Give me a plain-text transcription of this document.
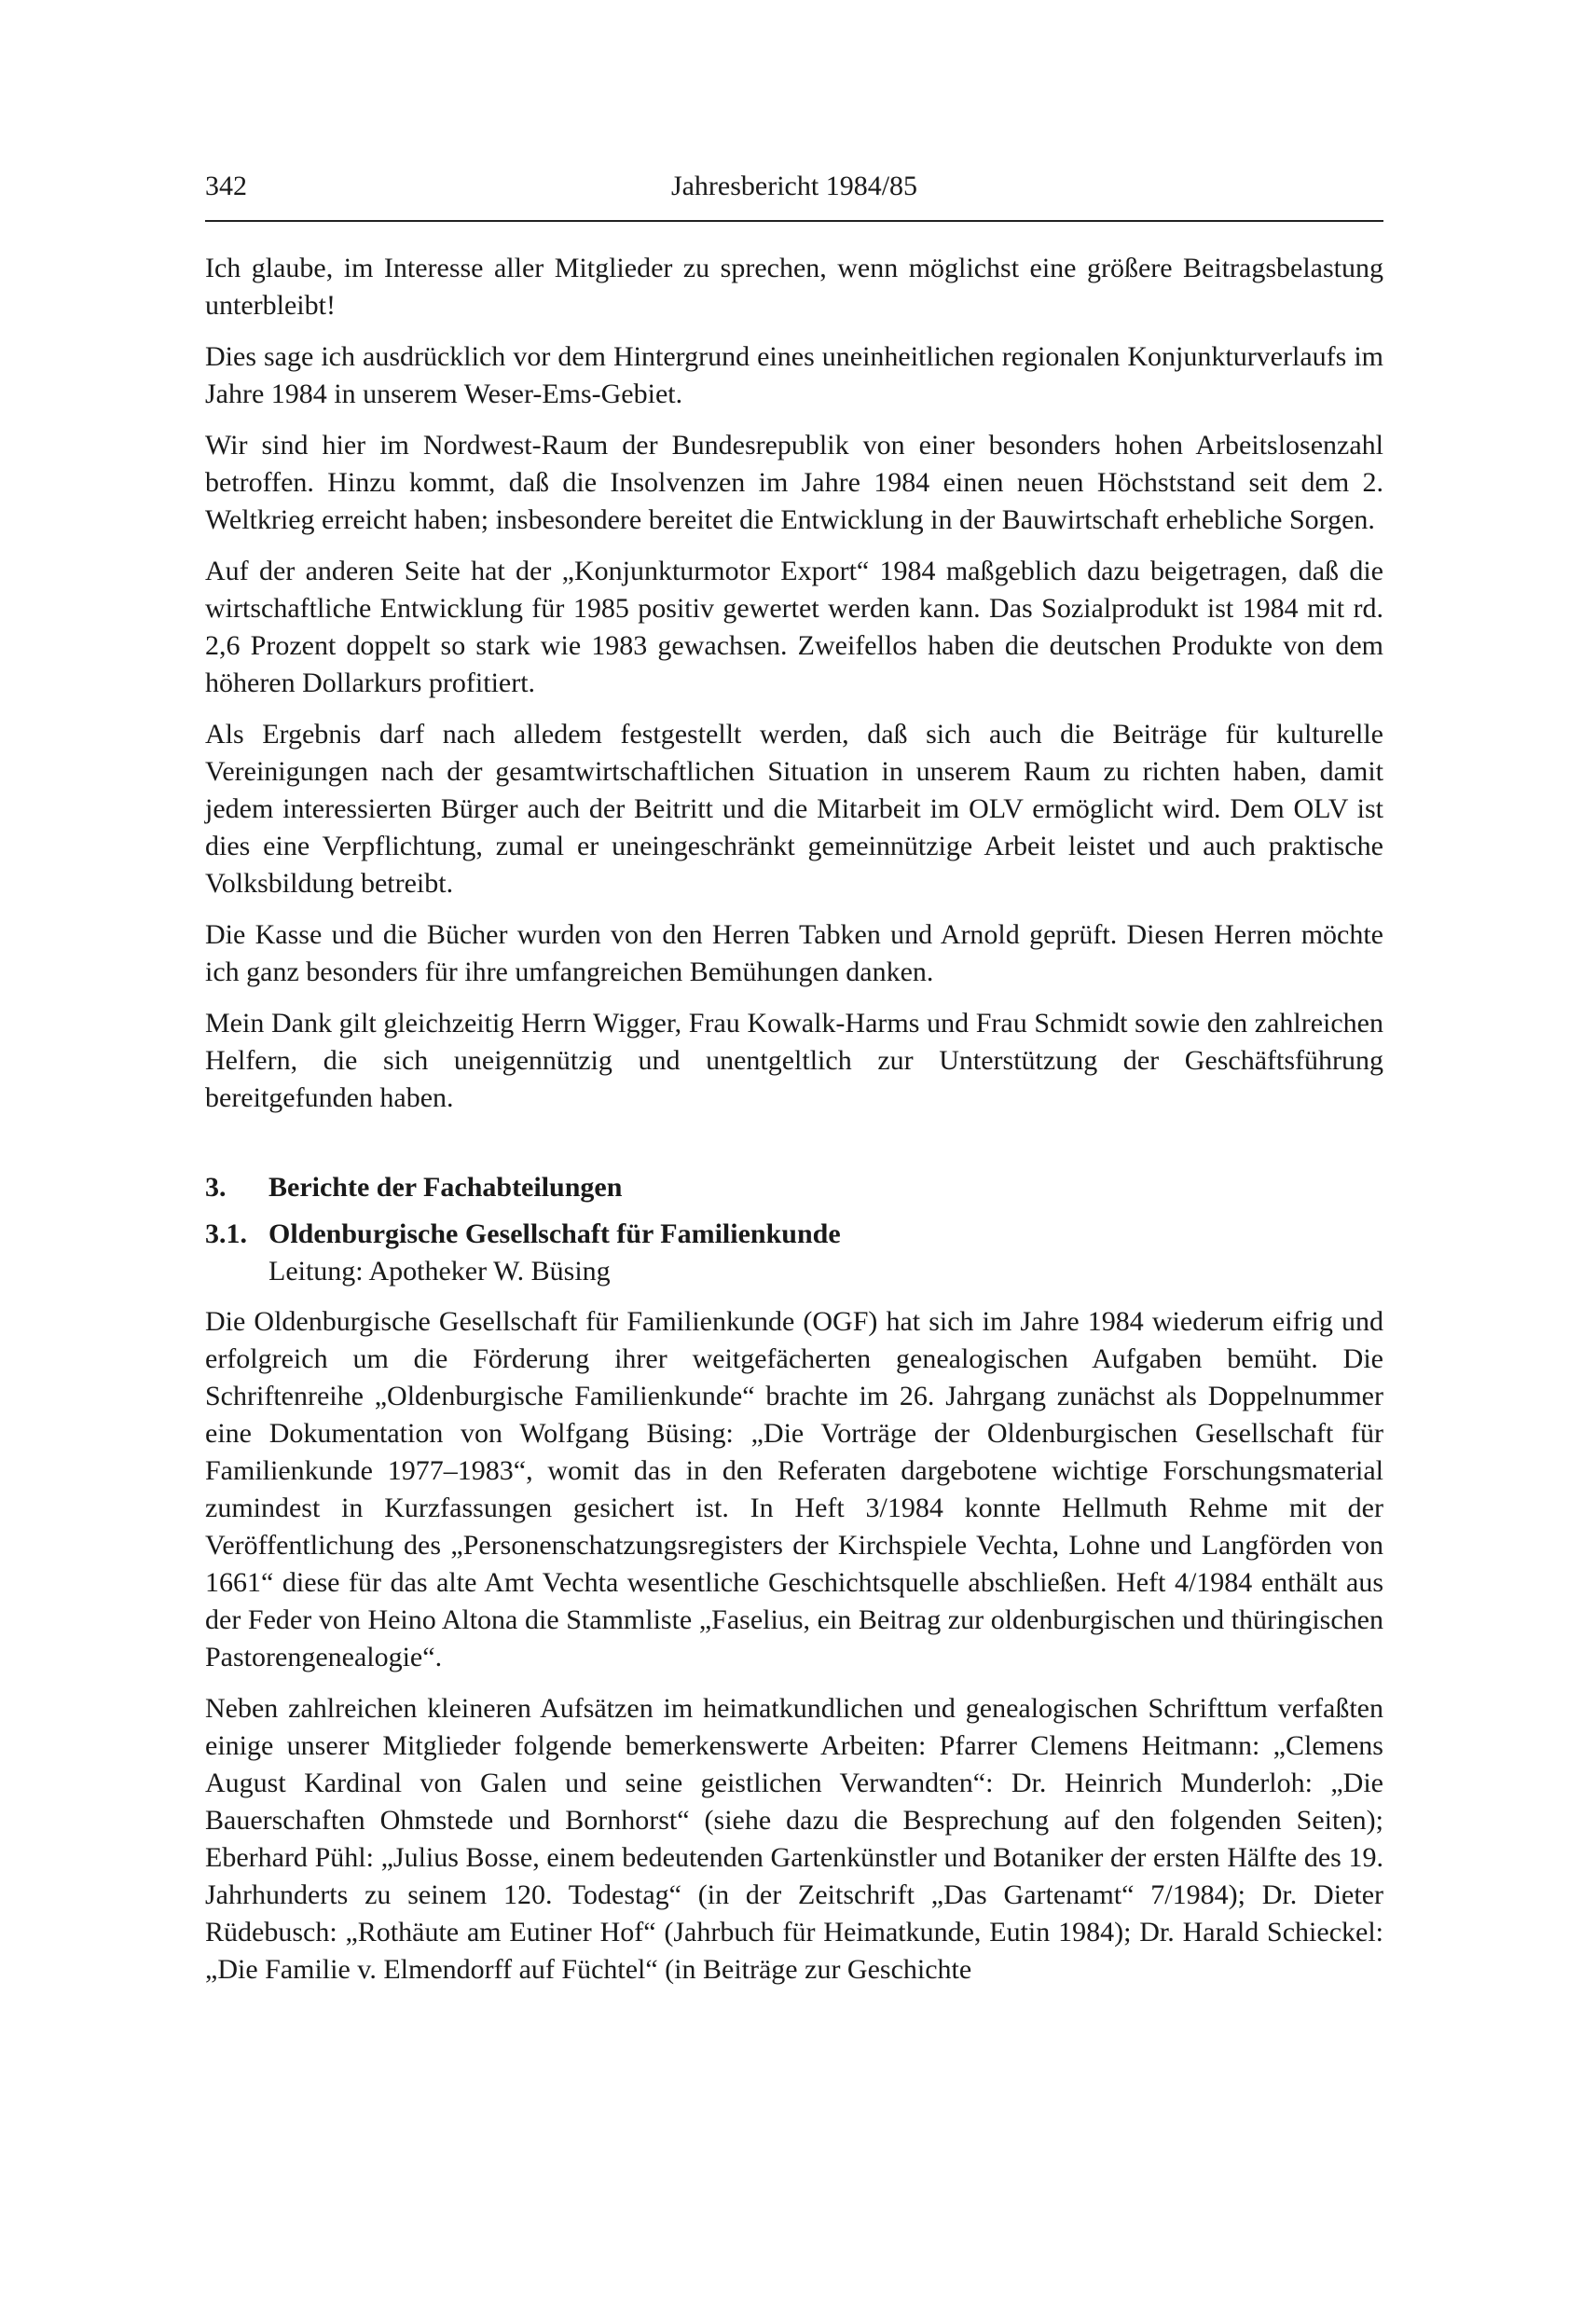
342	Jahresbericht 1984/85

Ich glaube, im Interesse aller Mitglieder zu sprechen, wenn möglichst eine größere Beitragsbelastung unterbleibt!

Dies sage ich ausdrücklich vor dem Hintergrund eines uneinheitlichen regionalen Konjunkturverlaufs im Jahre 1984 in unserem Weser-Ems-Gebiet.

Wir sind hier im Nordwest-Raum der Bundesrepublik von einer besonders hohen Arbeitslosenzahl betroffen. Hinzu kommt, daß die Insolvenzen im Jahre 1984 einen neuen Höchststand seit dem 2. Weltkrieg erreicht haben; insbesondere bereitet die Entwicklung in der Bauwirtschaft erhebliche Sorgen.

Auf der anderen Seite hat der „Konjunkturmotor Export“ 1984 maßgeblich dazu beigetragen, daß die wirtschaftliche Entwicklung für 1985 positiv gewertet werden kann. Das Sozialprodukt ist 1984 mit rd. 2,6 Prozent doppelt so stark wie 1983 gewachsen. Zweifellos haben die deutschen Produkte von dem höheren Dollarkurs profitiert.

Als Ergebnis darf nach alledem festgestellt werden, daß sich auch die Beiträge für kulturelle Vereinigungen nach der gesamtwirtschaftlichen Situation in unserem Raum zu richten haben, damit jedem interessierten Bürger auch der Beitritt und die Mitarbeit im OLV ermöglicht wird. Dem OLV ist dies eine Verpflichtung, zumal er uneingeschränkt gemeinnützige Arbeit leistet und auch praktische Volksbildung betreibt.

Die Kasse und die Bücher wurden von den Herren Tabken und Arnold geprüft. Diesen Herren möchte ich ganz besonders für ihre umfangreichen Bemühungen danken.

Mein Dank gilt gleichzeitig Herrn Wigger, Frau Kowalk-Harms und Frau Schmidt sowie den zahlreichen Helfern, die sich uneigennützig und unentgeltlich zur Unterstützung der Geschäftsführung bereitgefunden haben.

3.	Berichte der Fachabteilungen
3.1. Oldenburgische Gesellschaft für Familienkunde
Leitung: Apotheker W. Büsing

Die Oldenburgische Gesellschaft für Familienkunde (OGF) hat sich im Jahre 1984 wiederum eifrig und erfolgreich um die Förderung ihrer weitgefächerten genealogischen Aufgaben bemüht. Die Schriftenreihe „Oldenburgische Familienkunde“ brachte im 26. Jahrgang zunächst als Doppelnummer eine Dokumentation von Wolfgang Büsing: „Die Vorträge der Oldenburgischen Gesellschaft für Familienkunde 1977–1983“, womit das in den Referaten dargebotene wichtige Forschungsmaterial zumindest in Kurzfassungen gesichert ist. In Heft 3/1984 konnte Hellmuth Rehme mit der Veröffentlichung des „Personenschatzungsregisters der Kirchspiele Vechta, Lohne und Langförden von 1661“ diese für das alte Amt Vechta wesentliche Geschichtsquelle abschließen. Heft 4/1984 enthält aus der Feder von Heino Altona die Stammliste „Faselius, ein Beitrag zur oldenburgischen und thüringischen Pastorengenealogie“.

Neben zahlreichen kleineren Aufsätzen im heimatkundlichen und genealogischen Schrifttum verfaßten einige unserer Mitglieder folgende bemerkenswerte Arbeiten: Pfarrer Clemens Heitmann: „Clemens August Kardinal von Galen und seine geistlichen Verwandten“: Dr. Heinrich Munderloh: „Die Bauerschaften Ohmstede und Bornhorst“ (siehe dazu die Besprechung auf den folgenden Seiten); Eberhard Pühl: „Julius Bosse, einem bedeutenden Gartenkünstler und Botaniker der ersten Hälfte des 19. Jahrhunderts zu seinem 120. Todestag“ (in der Zeitschrift „Das Gartenamt“ 7/1984); Dr. Dieter Rüdebusch: „Rothäute am Eutiner Hof“ (Jahrbuch für Heimatkunde, Eutin 1984); Dr. Harald Schieckel: „Die Familie v. Elmendorff auf Füchtel“ (in Beiträge zur Geschichte
